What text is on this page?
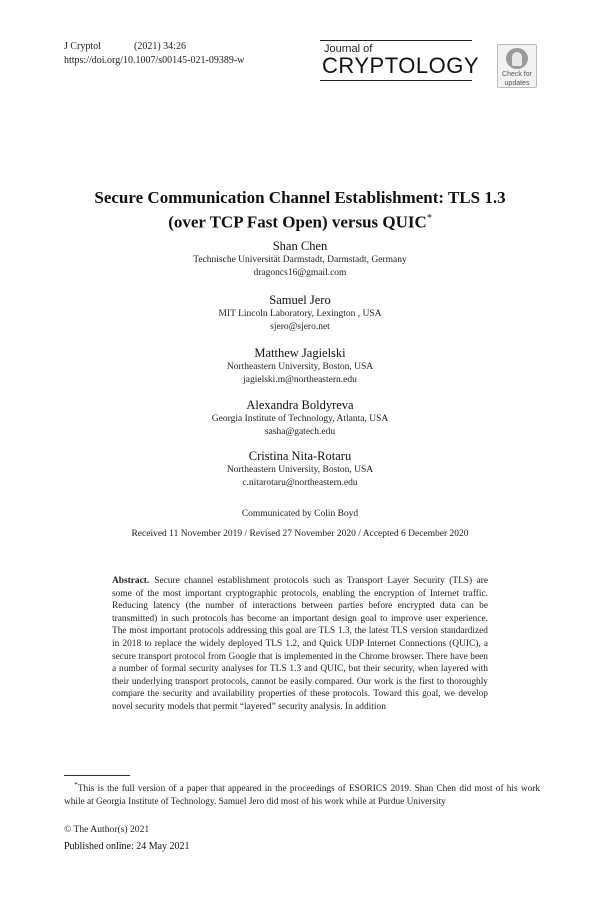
J Cryptol	(2021) 34:26
https://doi.org/10.1007/s00145-021-09389-w
Journal of
CRYPTOLOGY	Check for
updates
Secure Communication Channel Establishment: TLS 1.3
(over TCP Fast Open) versus QUIC*
Shan Chen
Technische Universität Darmstadt, Darmstadt, Germany
dragoncs16@gmail.com
Samuel Jero
MIT Lincoln Laboratory, Lexington , USA
sjero@sjero.net
Matthew Jagielski
Northeastern University, Boston, USA
jagielski.m@northeastern.edu
Alexandra Boldyreva
Georgia Institute of Technology, Atlanta, USA
sasha@gatech.edu
Cristina Nita-Rotaru
Northeastern University, Boston, USA
c.nitarotaru@northeastern.edu
Communicated by Colin Boyd
Received 11 November 2019 / Revised 27 November 2020 / Accepted 6 December 2020
Abstract. Secure channel establishment protocols such as Transport Layer Security (TLS) are some of the most important cryptographic protocols, enabling the encryption of Internet traffic. Reducing latency (the number of interactions between parties before encrypted data can be transmitted) in such protocols has become an important design goal to improve user experience. The most important protocols addressing this goal are TLS 1.3, the latest TLS version standardized in 2018 to replace the widely deployed TLS 1.2, and Quick UDP Internet Connections (QUIC), a secure transport protocol from Google that is implemented in the Chrome browser. There have been a number of formal security analyses for TLS 1.3 and QUIC, but their security, when layered with their underlying transport protocols, cannot be easily compared. Our work is the first to thoroughly compare the security and availability properties of these protocols. Toward this goal, we develop novel security models that permit “layered” security analysis. In addition
*This is the full version of a paper that appeared in the proceedings of ESORICS 2019. Shan Chen did most of his work while at Georgia Institute of Technology. Samuel Jero did most of his work while at Purdue University
© The Author(s) 2021
Published online: 24 May 2021
